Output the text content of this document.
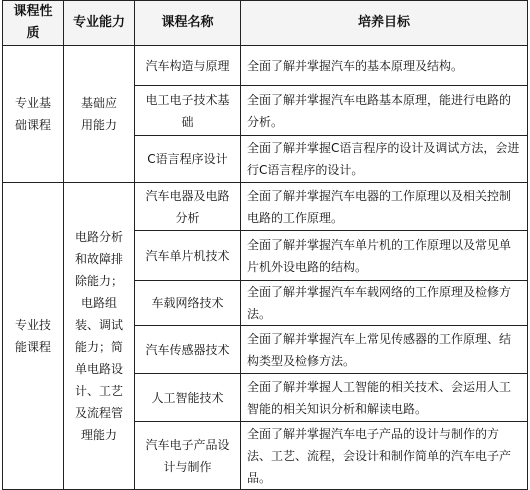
课程性质	专业能力	课程名称	培养目标
专业基础课程	基础应用能力	汽车构造与原理	全面了解并掌握汽车的基本原理及结构。
		电工电子技术基础	全面了解并掌握汽车电路基本原理，能进行电路的分析。
		C语言程序设计	全面了解并掌握C语言程序的设计及调试方法，会进行C语言程序的设计。
专业技能课程	电路分析和故障排除能力；电路组装、调试能力；简单电路设计、工艺及流程管理能力	汽车电器及电路分析	全面了解并掌握汽车电器的工作原理以及相关控制电路的工作原理。
		汽车单片机技术	全面了解并掌握汽车单片机的工作原理以及常见单片机外设电路的结构。
		车载网络技术	全面了解并掌握汽车车载网络的工作原理及检修方法。
		汽车传感器技术	全面了解并掌握汽车上常见传感器的工作原理、结构类型及检修方法。
		人工智能技术	全面了解并掌握人工智能的相关技术、会运用人工智能的相关知识分析和解读电路。
		汽车电子产品设计与制作	全面了解并掌握汽车电子产品的设计与制作的方法、工艺、流程，会设计和制作简单的汽车电子产品。
